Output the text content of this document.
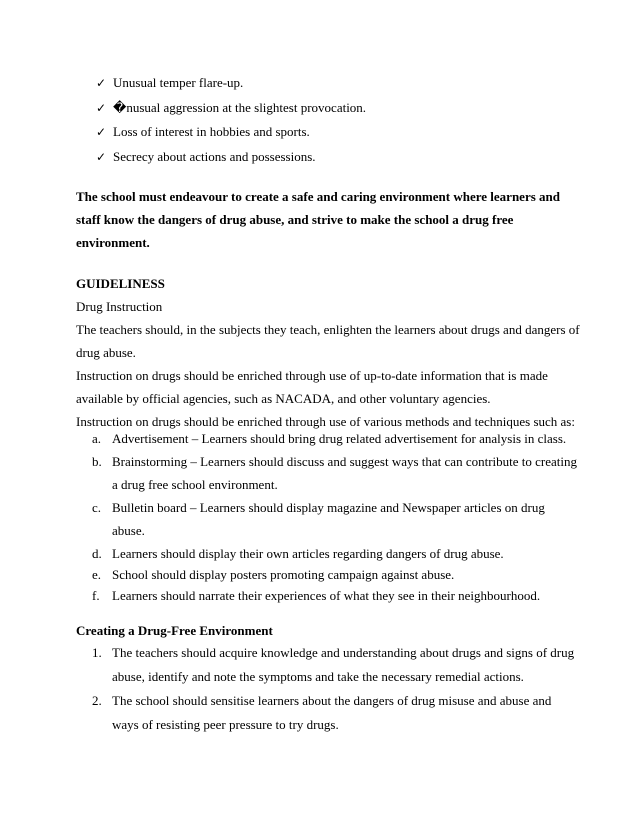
✓ Unusual temper flare-up.
✓ �nusual aggression at the slightest provocation.
✓ Loss of interest in hobbies and sports.
✓ Secrecy about actions and possessions.
The school must endeavour to create a safe and caring environment where learners and
staff know the dangers of drug abuse, and strive to make the school a drug free
environment.
GUIDELINESS
Drug Instruction
The teachers should, in the subjects they teach, enlighten the learners about drugs and dangers of
drug abuse.
Instruction on drugs should be enriched through use of up-to-date information that is made
available by official agencies, such as NACADA, and other voluntary agencies.
Instruction on drugs should be enriched through use of various methods and techniques such as:
a. Advertisement – Learners should bring drug related advertisement for analysis in class.
b. Brainstorming – Learners should discuss and suggest ways that can contribute to creating
a drug free school environment.
c. Bulletin board – Learners should display magazine and Newspaper articles on drug
abuse.
d. Learners should display their own articles regarding dangers of drug abuse.
e. School should display posters promoting campaign against abuse.
f. Learners should narrate their experiences of what they see in their neighbourhood.
Creating a Drug-Free Environment
1. The teachers should acquire knowledge and understanding about drugs and signs of drug
abuse, identify and note the symptoms and take the necessary remedial actions.
2. The school should sensitise learners about the dangers of drug misuse and abuse and
ways of resisting peer pressure to try drugs.
